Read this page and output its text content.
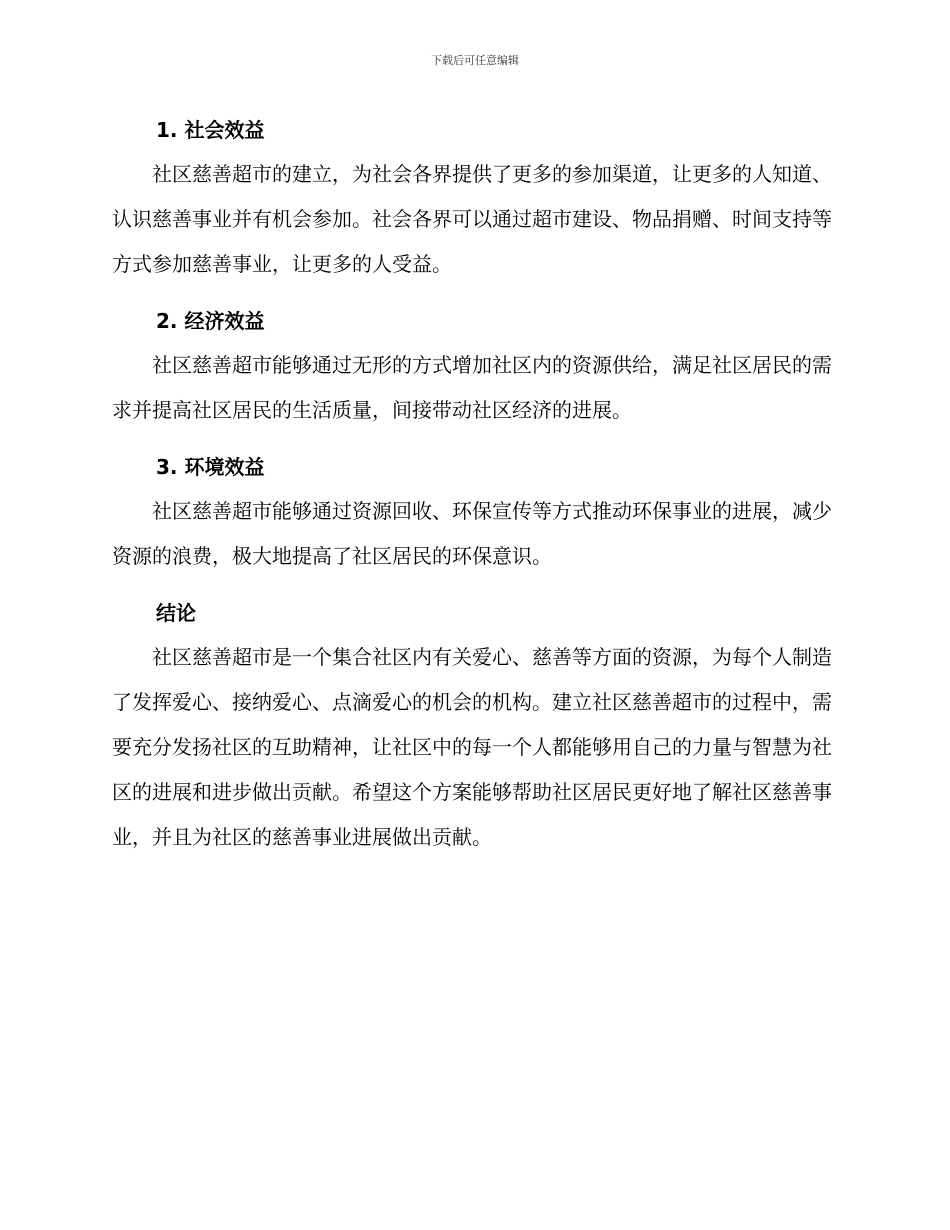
下载后可任意编辑
1. 社会效益

社区慈善超市的建立，为社会各界提供了更多的参加渠道，让更多的人知道、认识慈善事业并有机会参加。社会各界可以通过超市建设、物品捐赠、时间支持等方式参加慈善事业，让更多的人受益。

2. 经济效益

社区慈善超市能够通过无形的方式增加社区内的资源供给，满足社区居民的需求并提高社区居民的生活质量，间接带动社区经济的进展。

3. 环境效益

社区慈善超市能够通过资源回收、环保宣传等方式推动环保事业的进展，减少资源的浪费，极大地提高了社区居民的环保意识。

结论

社区慈善超市是一个集合社区内有关爱心、慈善等方面的资源，为每个人制造了发挥爱心、接纳爱心、点滴爱心的机会的机构。建立社区慈善超市的过程中，需要充分发扬社区的互助精神，让社区中的每一个人都能够用自己的力量与智慧为社区的进展和进步做出贡献。希望这个方案能够帮助社区居民更好地了解社区慈善事业，并且为社区的慈善事业进展做出贡献。
